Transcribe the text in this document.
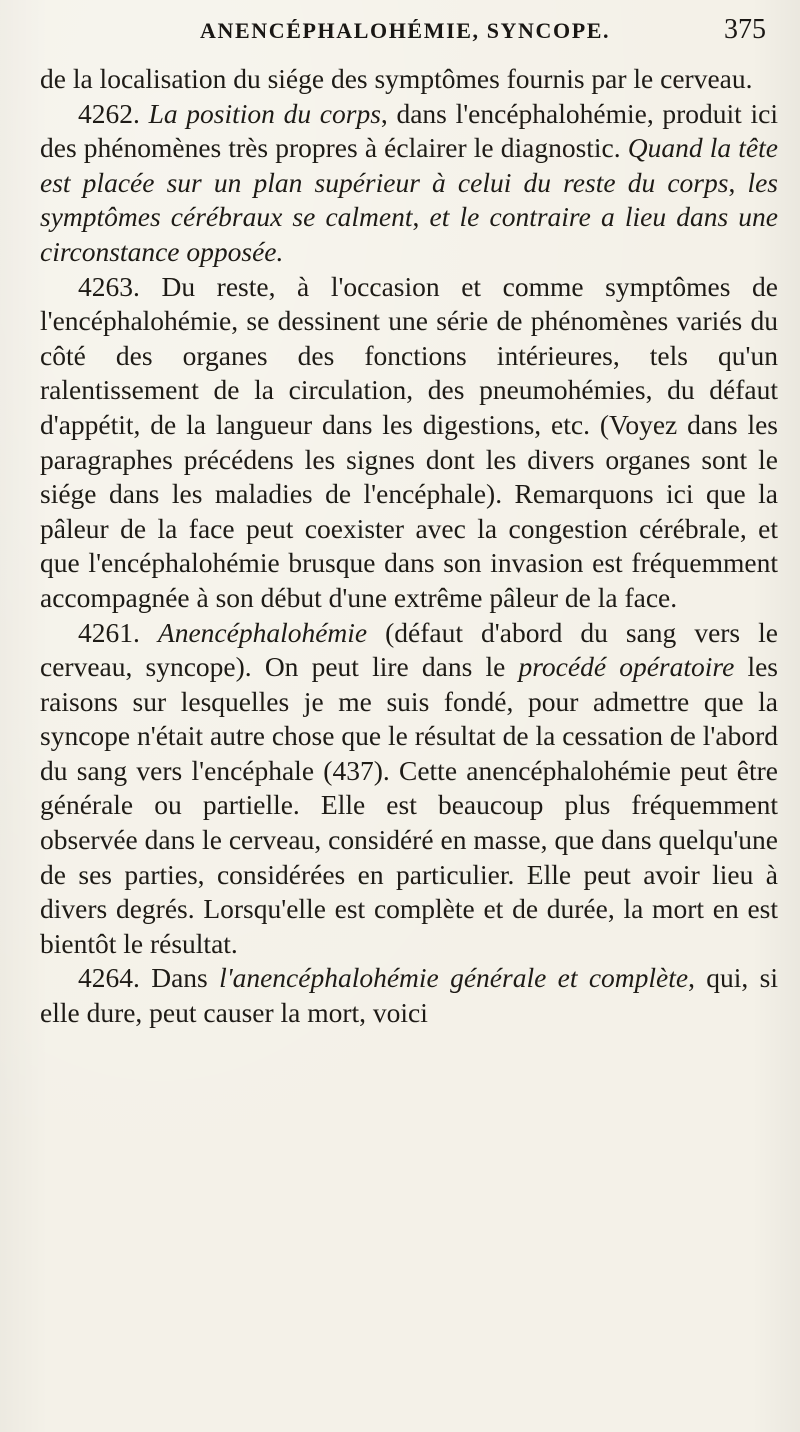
ANENCÉPHALOHÉMIE, SYNCOPE.	375

de la localisation du siége des symptômes fournis par le cerveau.

4262. La position du corps, dans l'encéphalohémie, produit ici des phénomènes très propres à éclairer le diagnostic. Quand la tête est placée sur un plan supérieur à celui du reste du corps, les symptômes cérébraux se calment, et le contraire a lieu dans une circonstance opposée.

4263. Du reste, à l'occasion et comme symptômes de l'encéphalohémie, se dessinent une série de phénomènes variés du côté des organes des fonctions intérieures, tels qu'un ralentissement de la circulation, des pneumohémies, du défaut d'appétit, de la langueur dans les digestions, etc. (Voyez dans les paragraphes précédens les signes dont les divers organes sont le siége dans les maladies de l'encéphale). Remarquons ici que la pâleur de la face peut coexister avec la congestion cérébrale, et que l'encéphalohémie brusque dans son invasion est fréquemment accompagnée à son début d'une extrême pâleur de la face.

4261. Anencéphalohémie (défaut d'abord du sang vers le cerveau, syncope). On peut lire dans le procédé opératoire les raisons sur lesquelles je me suis fondé, pour admettre que la syncope n'était autre chose que le résultat de la cessation de l'abord du sang vers l'encéphale (437). Cette anencéphalohémie peut être générale ou partielle. Elle est beaucoup plus fréquemment observée dans le cerveau, considéré en masse, que dans quelqu'une de ses parties, considérées en particulier. Elle peut avoir lieu à divers degrés. Lorsqu'elle est complète et de durée, la mort en est bientôt le résultat.

4264. Dans l'anencéphalohémie générale et complète, qui, si elle dure, peut causer la mort, voici
